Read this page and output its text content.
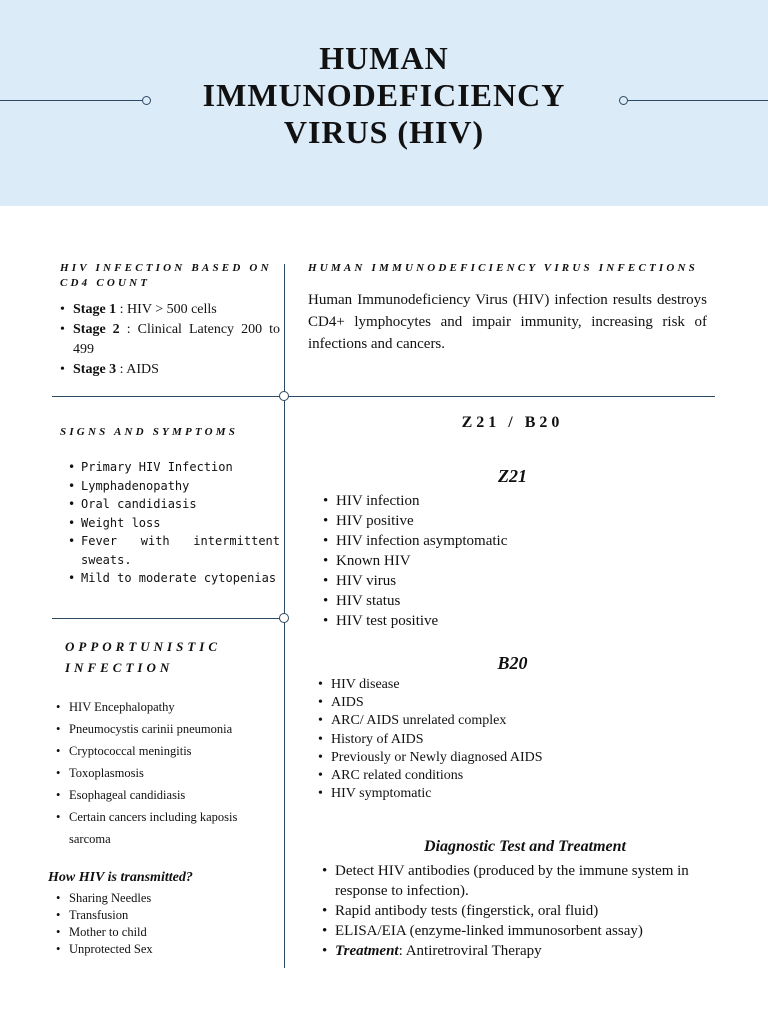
HUMAN
IMMUNODEFICIENCY
VIRUS (HIV)
HIV INFECTION BASED ON CD4 COUNT
• Stage 1 : HIV > 500 cells
• Stage 2 : Clinical Latency 200 to 499
• Stage 3 : AIDS
HUMAN IMMUNODEFICIENCY VIRUS INFECTIONS
Human Immunodeficiency Virus (HIV) infection results destroys CD4+ lymphocytes and impair immunity, increasing risk of infections and cancers.
SIGNS AND SYMPTOMS
• Primary HIV Infection
• Lymphadenopathy
• Oral candidiasis
• Weight loss
• Fever with intermittent sweats.
• Mild to moderate cytopenias
OPPORTUNISTIC
INFECTION
• HIV Encephalopathy
• Pneumocystis carinii pneumonia
• Cryptococcal meningitis
• Toxoplasmosis
• Esophageal candidiasis
• Certain cancers including kaposis sarcoma
How HIV is transmitted?
• Sharing Needles
• Transfusion
• Mother to child
• Unprotected Sex
Z21 / B20
Z21
• HIV infection
• HIV positive
• HIV infection asymptomatic
• Known HIV
• HIV virus
• HIV status
• HIV test positive
B20
• HIV disease
• AIDS
• ARC/ AIDS unrelated complex
• History of AIDS
• Previously or Newly diagnosed AIDS
• ARC related conditions
• HIV symptomatic
Diagnostic Test and Treatment
• Detect HIV antibodies (produced by the immune system in response to infection).
• Rapid antibody tests (fingerstick, oral fluid)
• ELISA/EIA (enzyme-linked immunosorbent assay)
• Treatment: Antiretroviral Therapy
